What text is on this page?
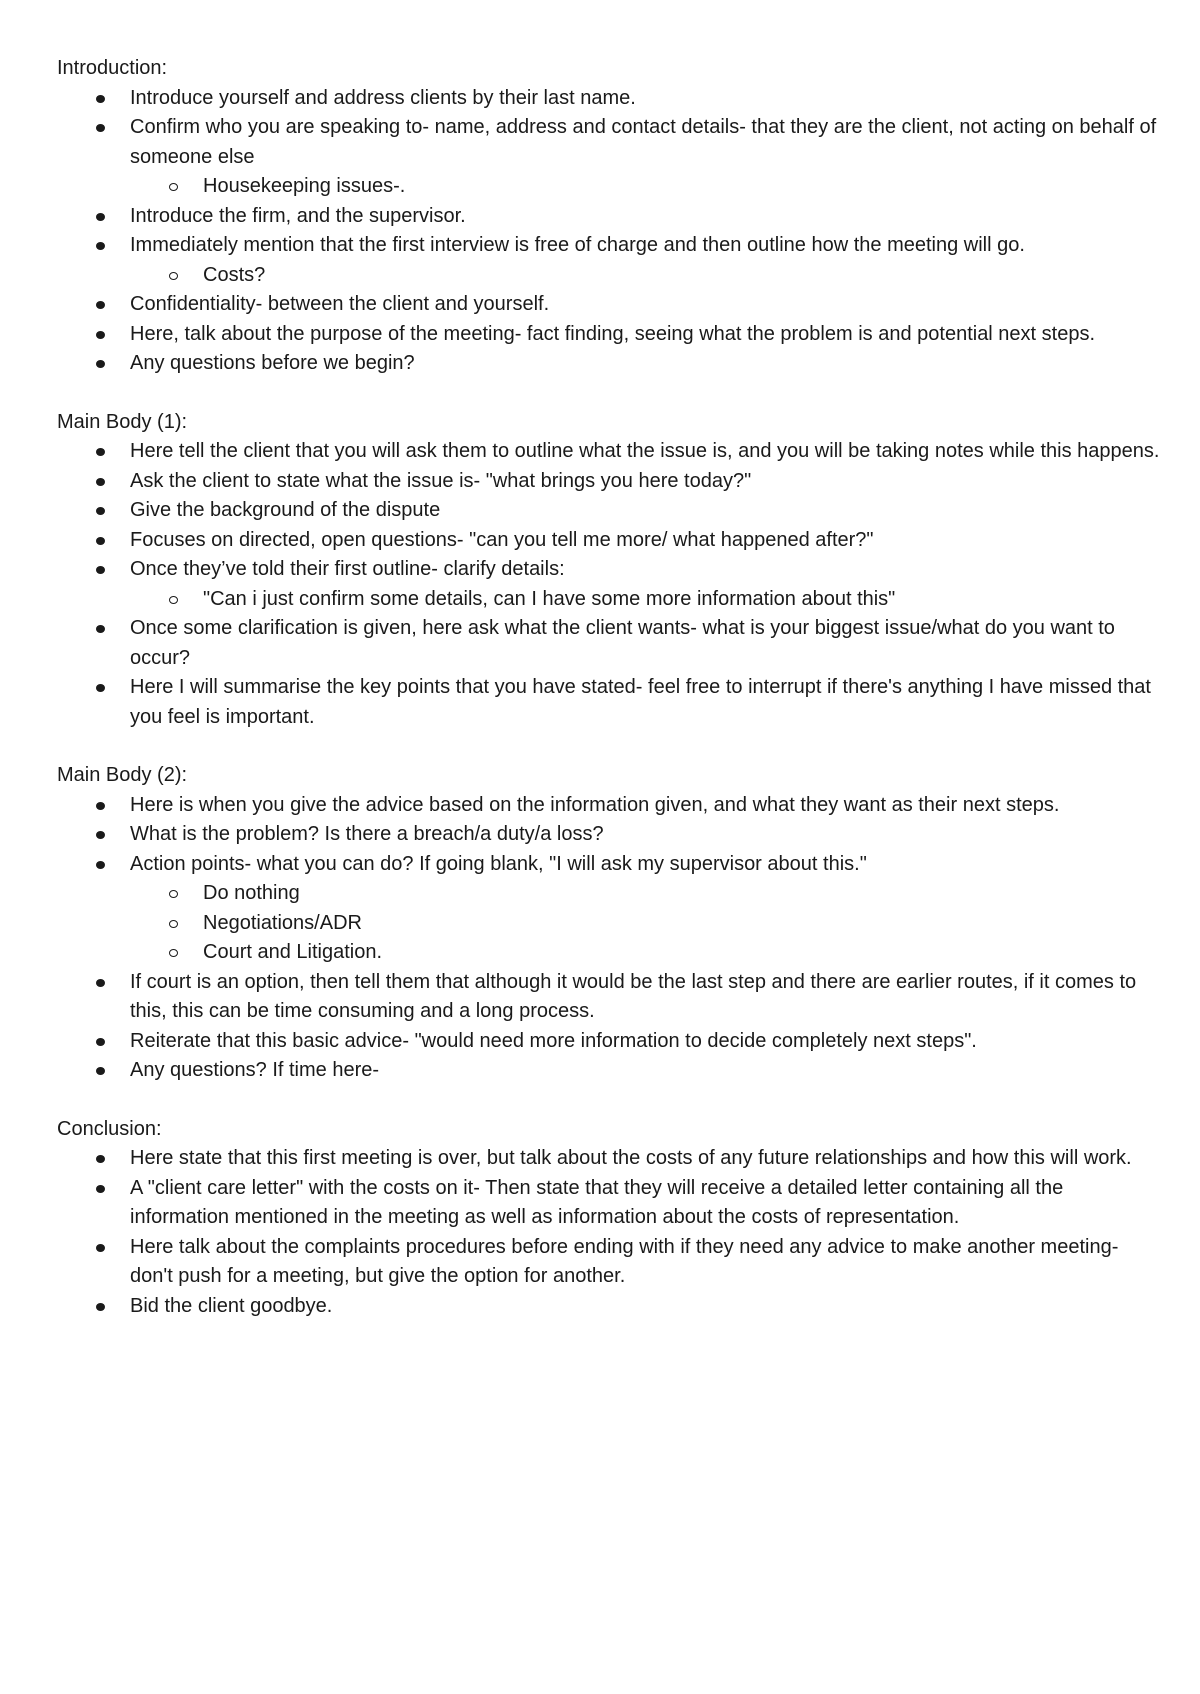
Introduction:
Introduce yourself and address clients by their last name.
Confirm who you are speaking to- name, address and contact details- that they are the client, not acting on behalf of someone else
Housekeeping issues-.
Introduce the firm, and the supervisor.
Immediately mention that the first interview is free of charge and then outline how the meeting will go.
Costs?
Confidentiality- between the client and yourself.
Here, talk about the purpose of the meeting- fact finding, seeing what the problem is and potential next steps.
Any questions before we begin?
Main Body (1):
Here tell the client that you will ask them to outline what the issue is, and you will be taking notes while this happens.
Ask the client to state what the issue is- "what brings you here today?"
Give the background of the dispute
Focuses on directed, open questions- "can you tell me more/ what happened after?"
Once they’ve told their first outline- clarify details:
"Can i just confirm some details, can I have some more information about this"
Once some clarification is given, here ask what the client wants- what is your biggest issue/what do you want to occur?
Here I will summarise the key points that you have stated- feel free to interrupt if there's anything I have missed that you feel is important.
Main Body (2):
Here is when you give the advice based on the information given, and what they want as their next steps.
What is the problem? Is there a breach/a duty/a loss?
Action points- what you can do? If going blank, "I will ask my supervisor about this."
Do nothing
Negotiations/ADR
Court and Litigation.
If court is an option, then tell them that although it would be the last step and there are earlier routes, if it comes to this, this can be time consuming and a long process.
Reiterate that this basic advice- "would need more information to decide completely next steps".
Any questions? If time here-
Conclusion:
Here state that this first meeting is over, but talk about the costs of any future relationships and how this will work.
A "client care letter" with the costs on it- Then state that they will receive a detailed letter containing all the information mentioned in the meeting as well as information about the costs of representation.
Here talk about the complaints procedures before ending with if they need any advice to make another meeting- don't push for a meeting, but give the option for another.
Bid the client goodbye.
